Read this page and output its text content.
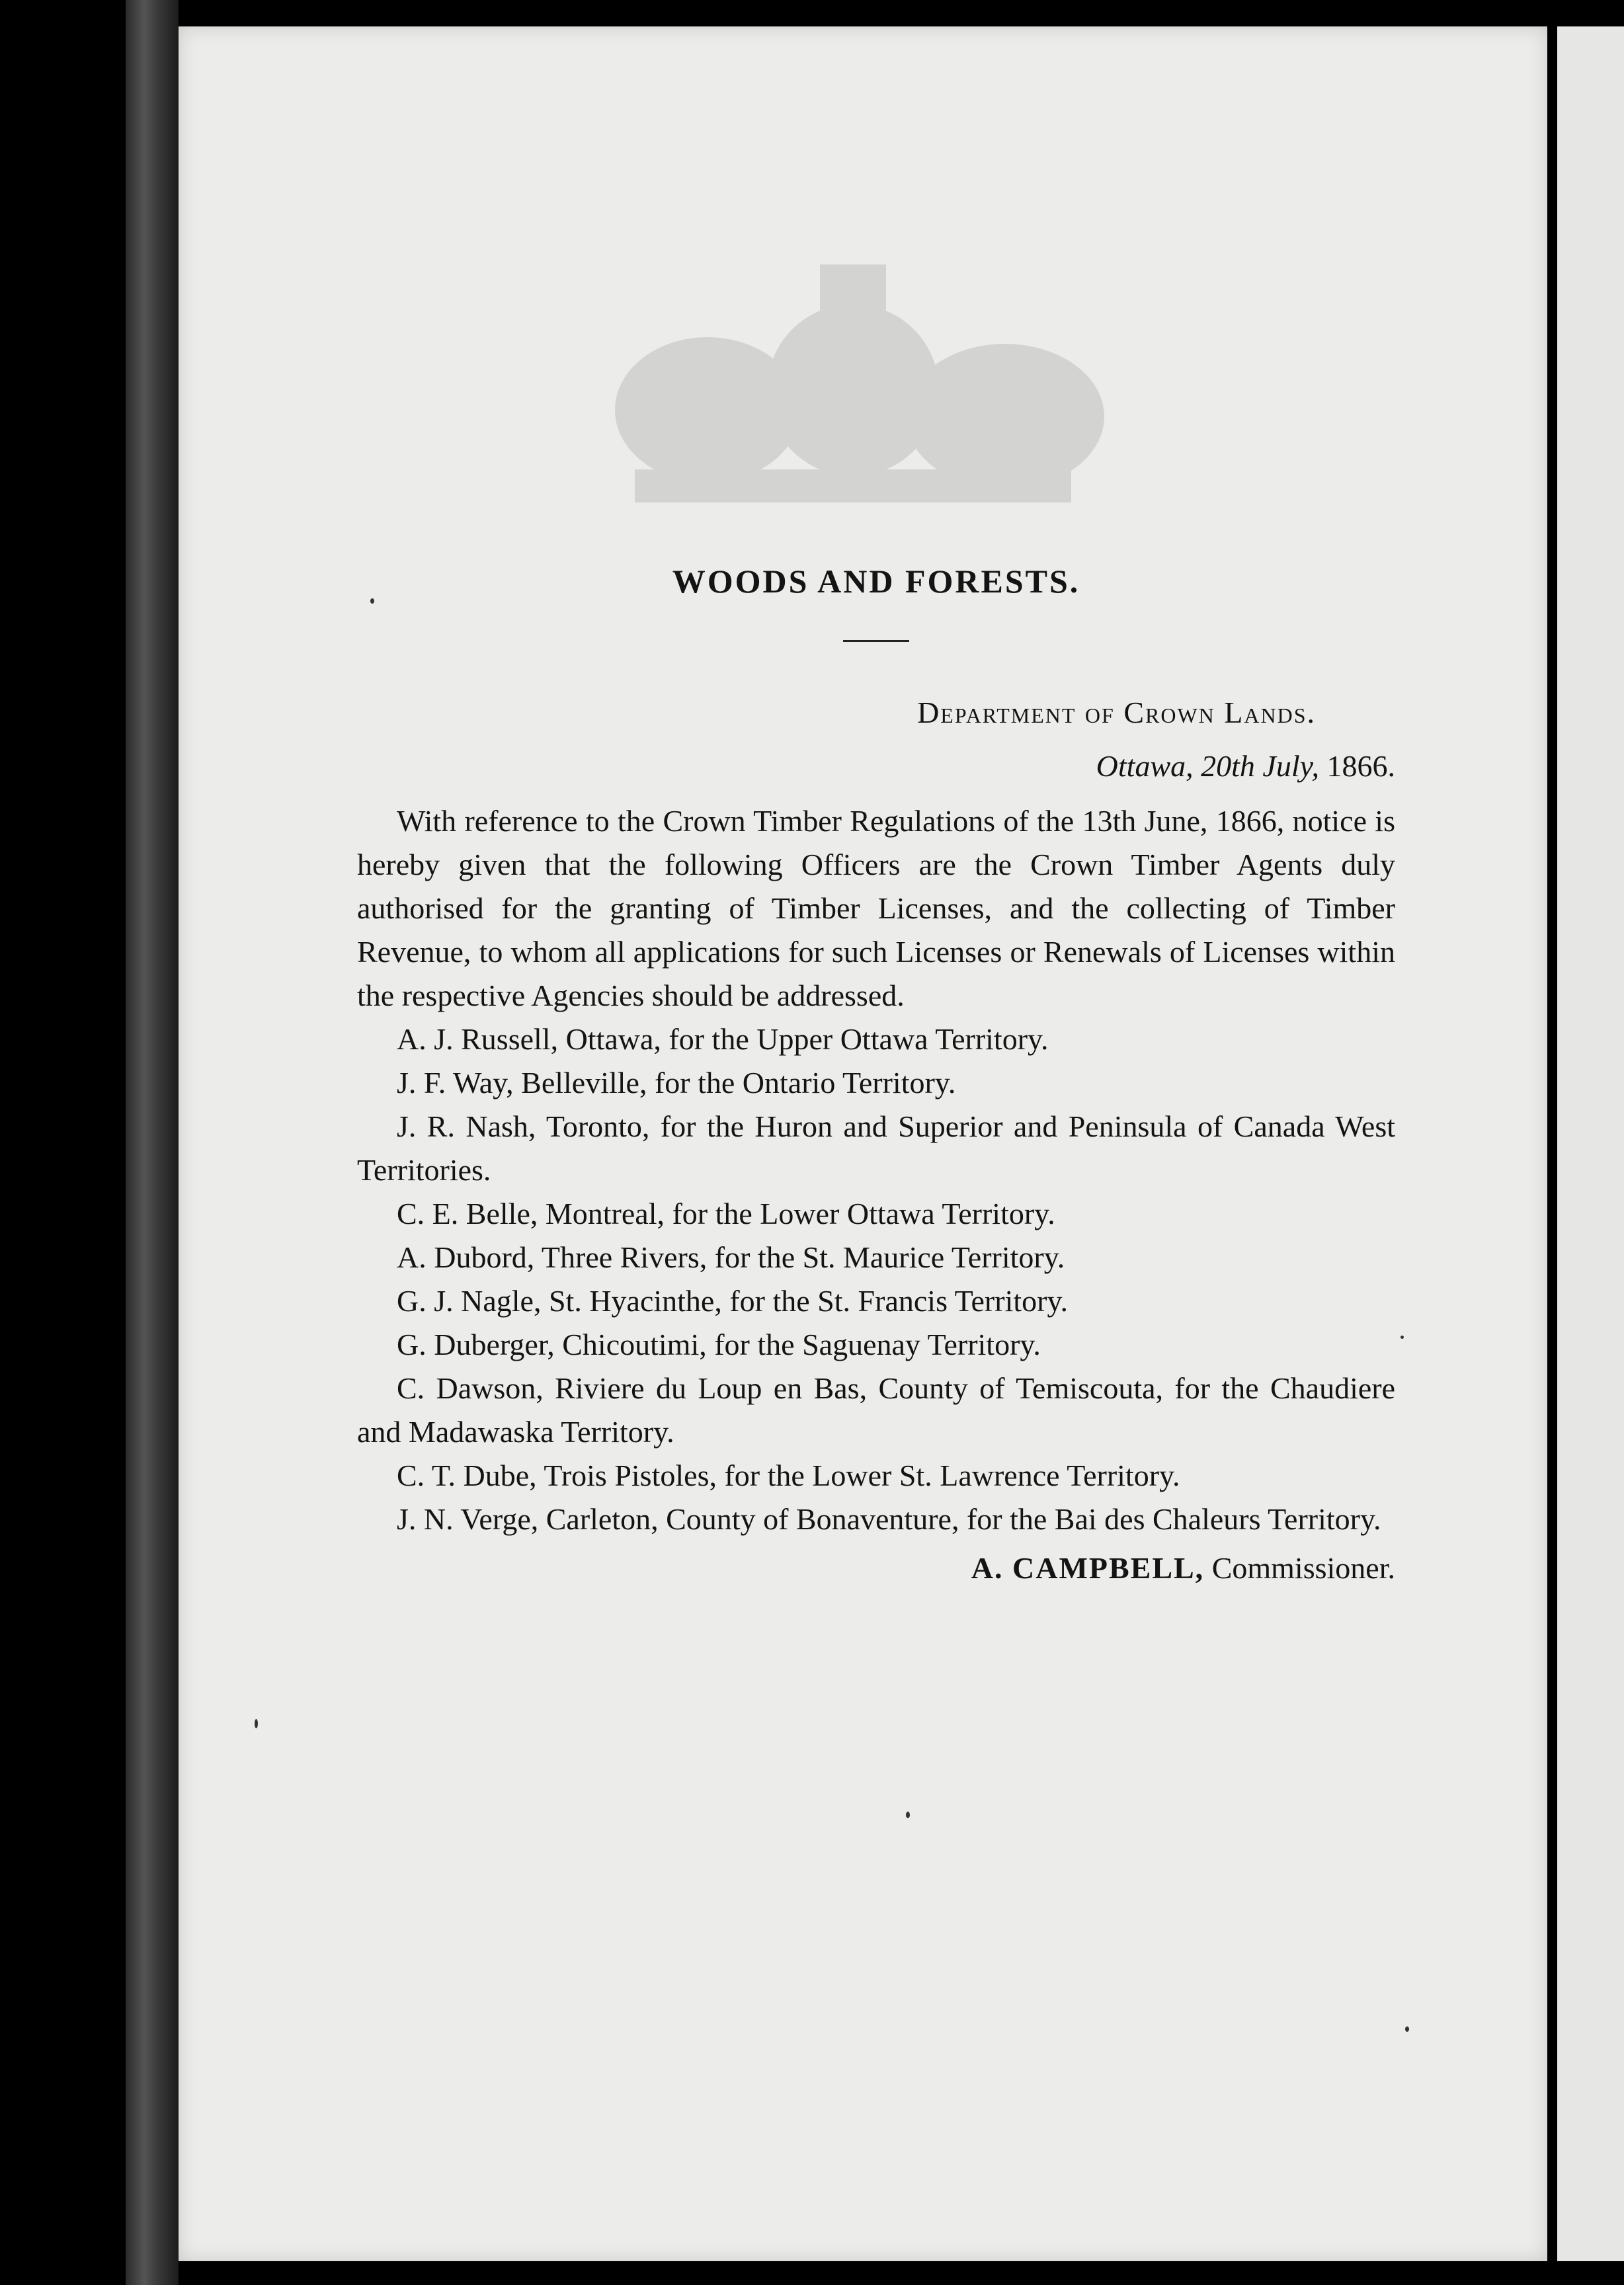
WOODS AND FORESTS.

Department of Crown Lands.

Ottawa, 20th July, 1866.

With reference to the Crown Timber Regulations of the 13th June, 1866, notice is hereby given that the following Officers are the Crown Timber Agents duly authorised for the granting of Timber Licenses, and the collecting of Timber Revenue, to whom all applications for such Licenses or Renewals of Licenses within the respective Agencies should be addressed.

A. J. Russell, Ottawa, for the Upper Ottawa Territory.
J. F. Way, Belleville, for the Ontario Territory.
J. R. Nash, Toronto, for the Huron and Superior and Peninsula of Canada West Territories.
C. E. Belle, Montreal, for the Lower Ottawa Territory.
A. Dubord, Three Rivers, for the St. Maurice Territory.
G. J. Nagle, St. Hyacinthe, for the St. Francis Territory.
G. Duberger, Chicoutimi, for the Saguenay Territory.
C. Dawson, Riviere du Loup en Bas, County of Temiscouta, for the Chaudiere and Madawaska Territory.
C. T. Dube, Trois Pistoles, for the Lower St. Lawrence Territory.
J. N. Verge, Carleton, County of Bonaventure, for the Bai des Chaleurs Territory.
A. CAMPBELL, Commissioner.
